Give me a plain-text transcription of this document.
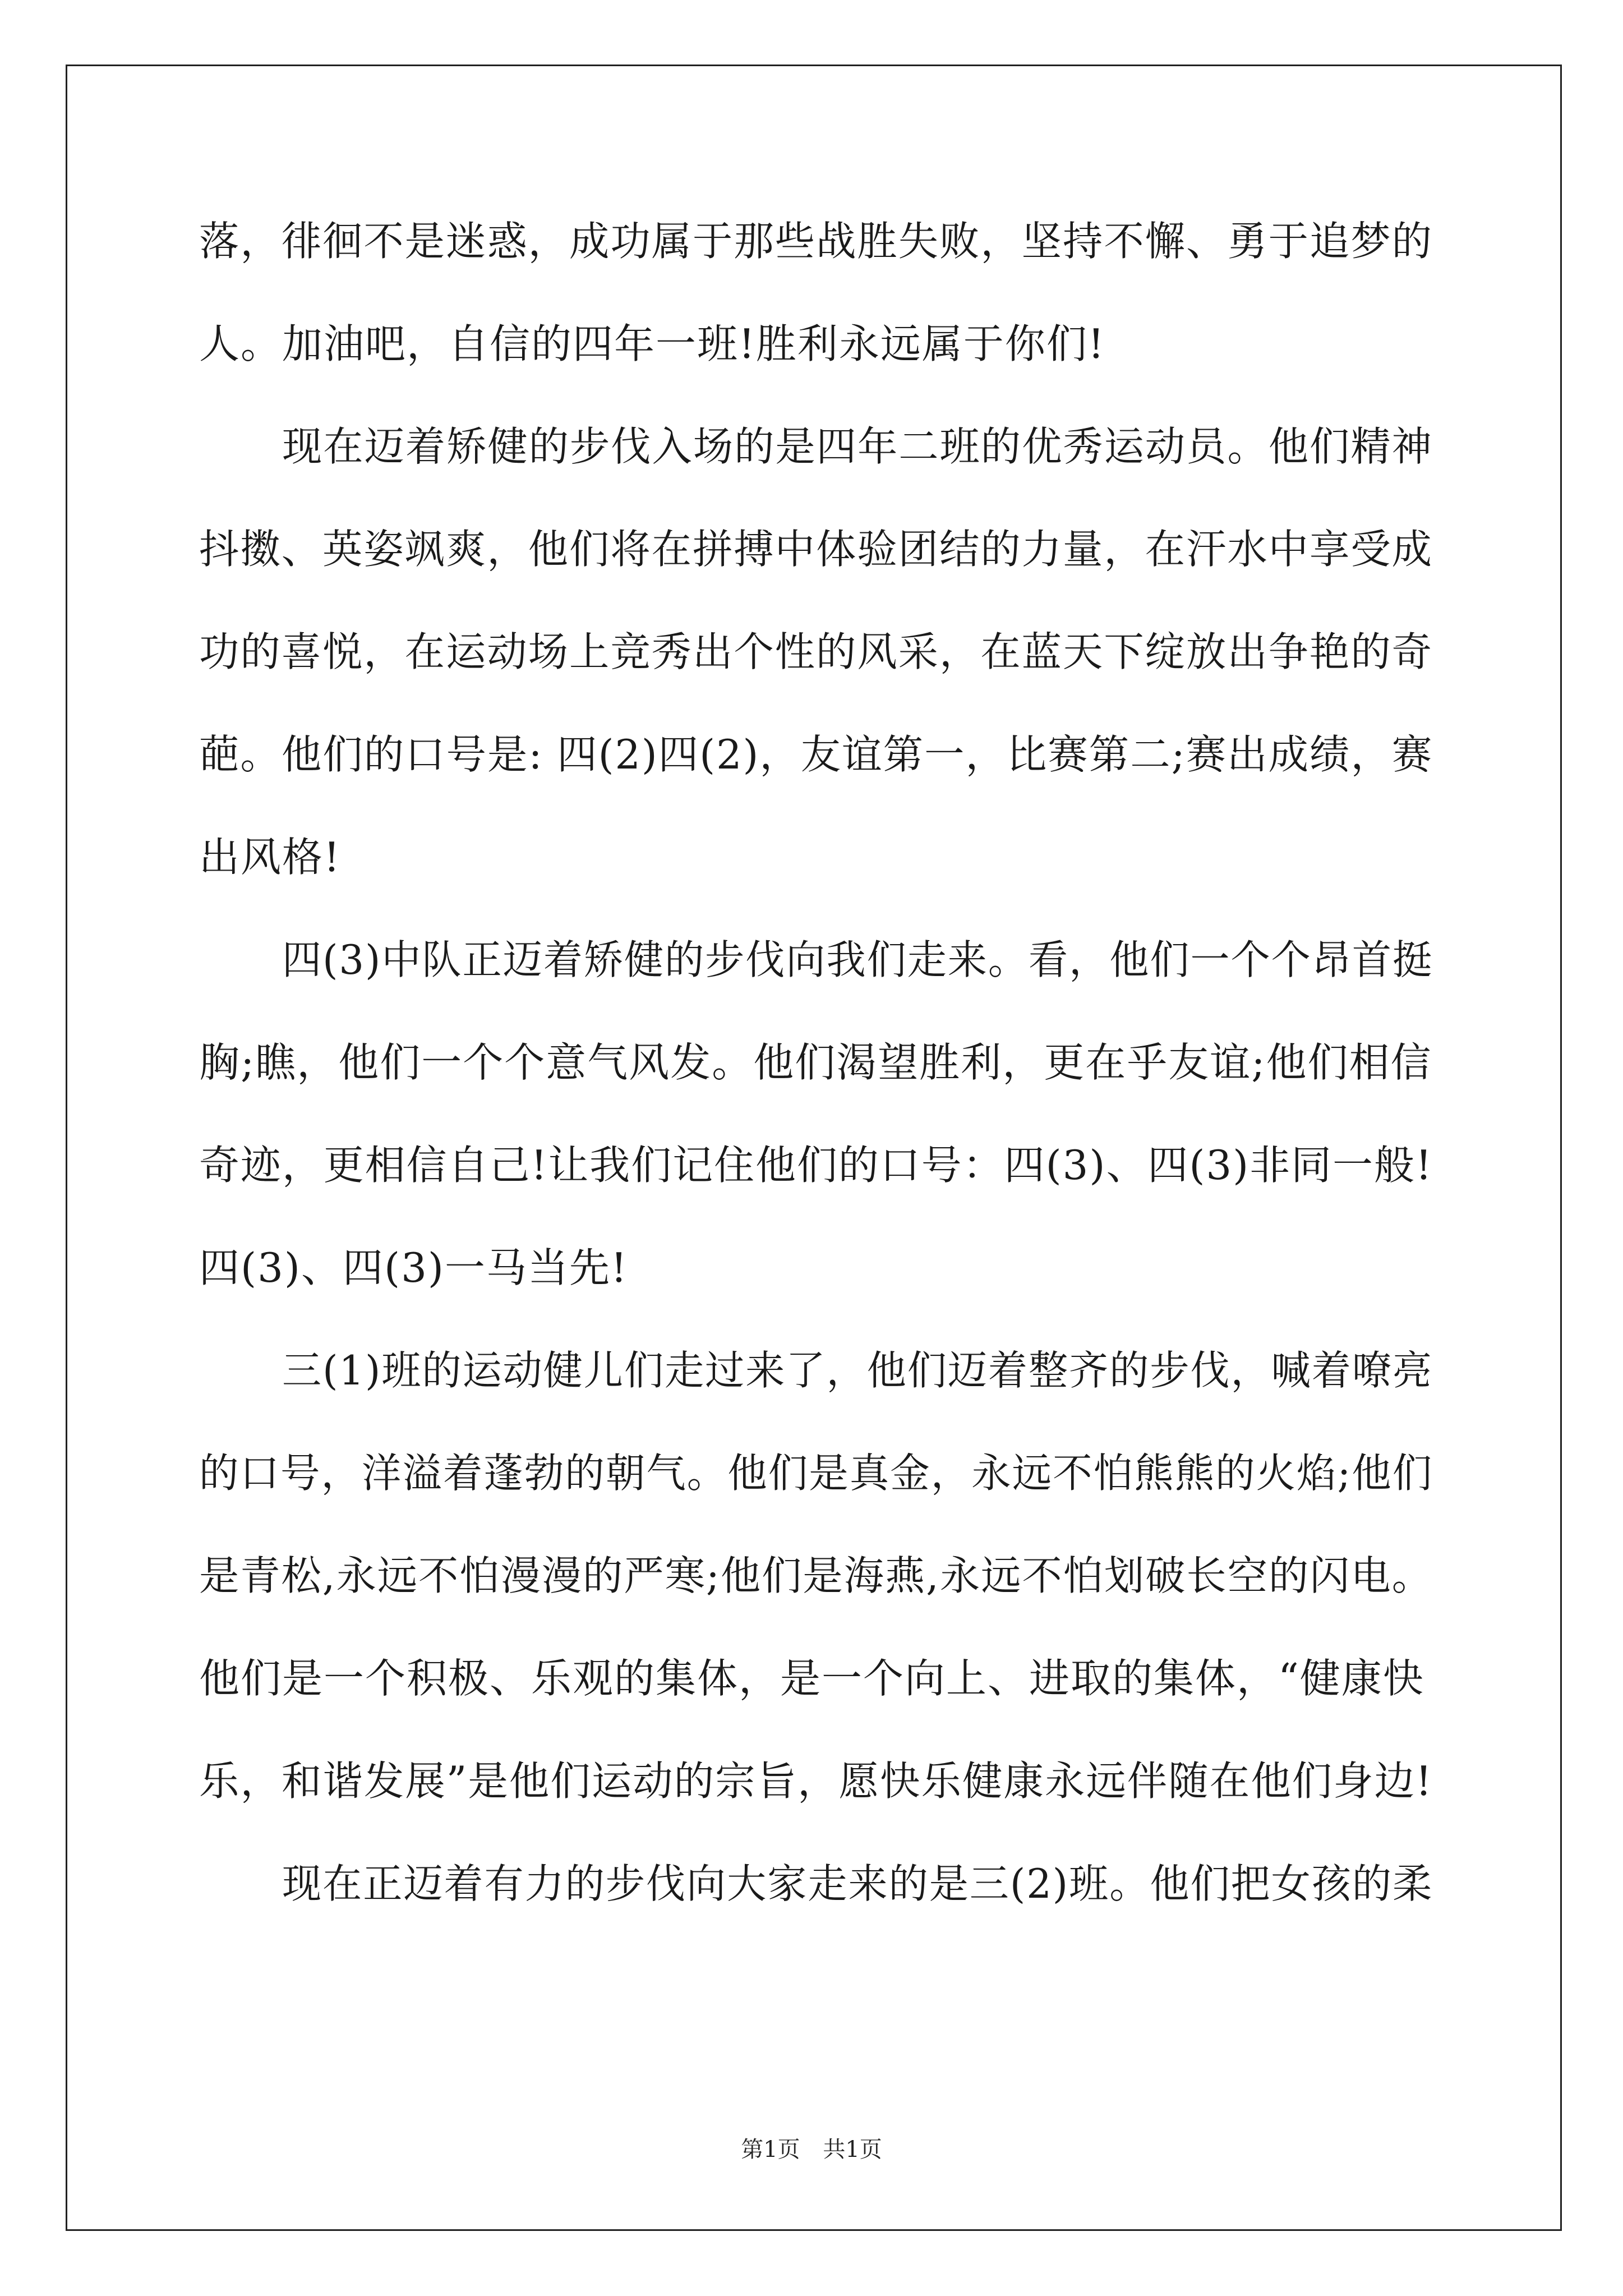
落，徘徊不是迷惑，成功属于那些战胜失败，坚持不懈、勇于追梦的
人。加油吧，自信的四年一班!胜利永远属于你们!
现在迈着矫健的步伐入场的是四年二班的优秀运动员。他们精神
抖擞、英姿飒爽，他们将在拼搏中体验团结的力量，在汗水中享受成
功的喜悦，在运动场上竞秀出个性的风采，在蓝天下绽放出争艳的奇
葩。他们的口号是: 四(2)四(2)，友谊第一，比赛第二;赛出成绩，赛
出风格!
四(3)中队正迈着矫健的步伐向我们走来。看，他们一个个昂首挺
胸;瞧，他们一个个意气风发。他们渴望胜利，更在乎友谊;他们相信
奇迹，更相信自己!让我们记住他们的口号：四(3)、四(3)非同一般!
四(3)、四(3)一马当先!
三(1)班的运动健儿们走过来了，他们迈着整齐的步伐，喊着嘹亮
的口号，洋溢着蓬勃的朝气。他们是真金，永远不怕熊熊的火焰;他们
是青松,永远不怕漫漫的严寒;他们是海燕,永远不怕划破长空的闪电。
他们是一个积极、乐观的集体，是一个向上、进取的集体，“健康快
乐，和谐发展”是他们运动的宗旨，愿快乐健康永远伴随在他们身边!
现在正迈着有力的步伐向大家走来的是三(2)班。他们把女孩的柔
第1页 共1页
